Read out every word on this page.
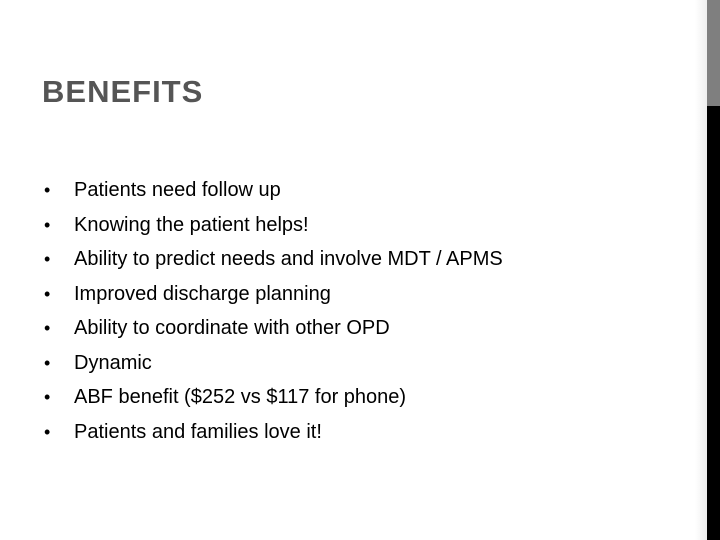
BENEFITS
•	Patients need follow up
•	Knowing the patient helps!
•	Ability to predict needs and involve MDT / APMS
•	Improved discharge planning
•	Ability to coordinate with other OPD
•	Dynamic
•	ABF benefit ($252 vs $117 for phone)
•	Patients and families love it!
